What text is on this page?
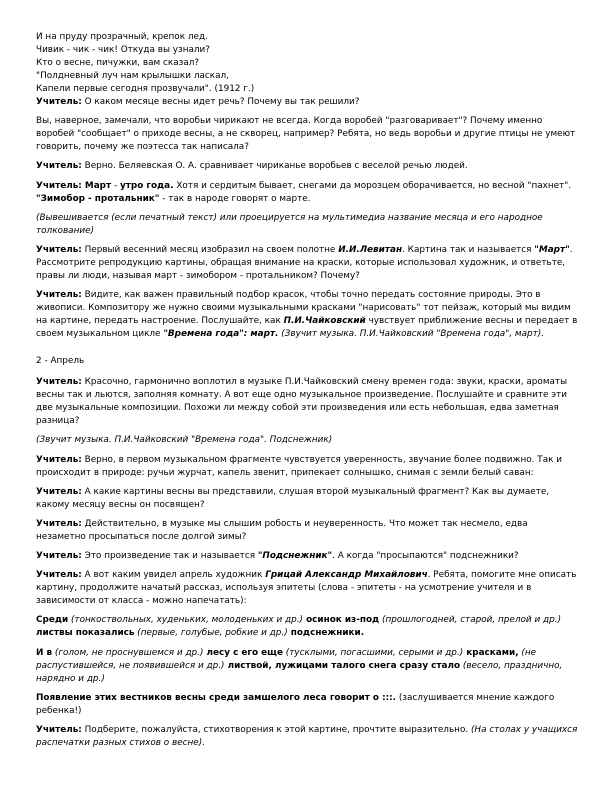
И на пруду прозрачный, крепок лед.
Чивик - чик - чик! Откуда вы узнали?
Кто о весне, пичужки, вам сказал?
"Полдневный луч нам крылышки ласкал,
Капели первые сегодня прозвучали". (1912 г.)
Учитель: О каком месяце весны идет речь? Почему вы так решили?
Вы, наверное, замечали, что воробьи чирикают не всегда. Когда воробей "разговаривает"? Почему именно воробей "сообщает" о приходе весны, а не скворец, например? Ребята, но ведь воробьи и другие птицы не умеют говорить, почему же поэтесса так написала?
Учитель: Верно. Беляевская О. А. сравнивает чириканье воробьев с веселой речью людей.
Учитель: Март - утро года. Хотя и сердитым бывает, снегами да морозцем оборачивается, но весной "пахнет". "Зимобор - протальник" - так в народе говорят о марте.
(Вывешивается (если печатный текст) или проецируется на мультимедиа название месяца и его народное толкование)
Учитель: Первый весенний месяц изобразил на своем полотне И.И.Левитан. Картина так и называется "Март". Рассмотрите репродукцию картины, обращая внимание на краски, которые использовал художник, и ответьте, правы ли люди, называя март - зимобором - протальником? Почему?
Учитель: Видите, как важен правильный подбор красок, чтобы точно передать состояние природы. Это в живописи. Композитору же нужно своими музыкальными красками "нарисовать" тот пейзаж, который мы видим на картине, передать настроение. Послушайте, как П.И.Чайковский чувствует приближение весны и передает в своем музыкальном цикле "Времена года": март. (Звучит музыка. П.И.Чайковский "Времена года", март).
2 - Апрель
Учитель: Красочно, гармонично воплотил в музыке П.И.Чайковский смену времен года: звуки, краски, ароматы весны так и льются, заполняя комнату. А вот еще одно музыкальное произведение. Послушайте и сравните эти две музыкальные композиции. Похожи ли между собой эти произведения или есть небольшая, едва заметная разница?
(Звучит музыка. П.И.Чайковский "Времена года". Подснежник)
Учитель: Верно, в первом музыкальном фрагменте чувствуется уверенность, звучание более подвижно. Так и происходит в природе: ручьи журчат, капель звенит, припекает солнышко, снимая с земли белый саван:
Учитель: А какие картины весны вы представили, слушая второй музыкальный фрагмент? Как вы думаете, какому месяцу весны он посвящен?
Учитель: Действительно, в музыке мы слышим робость и неуверенность. Что может так несмело, едва незаметно просыпаться после долгой зимы?
Учитель: Это произведение так и называется "Подснежник". А когда "просыпаются" подснежники?
Учитель: А вот каким увидел апрель художник Грицай Александр Михайлович. Ребята, помогите мне описать картину, продолжите начатый рассказ, используя эпитеты (слова - эпитеты - на усмотрение учителя и в зависимости от класса - можно напечатать):
Среди (тонкоствольных, худеньких, молоденьких и др.) осинок из-под (прошлогодней, старой, прелой и др.) листвы показались (первые, голубые, робкие и др.) подснежники.
И в (голом, не проснувшемся и др.) лесу с его еще (тусклыми, погасшими, серыми и др.) красками, (не распустившейся, не появившейся и др.) листвой, лужицами талого снега сразу стало (весело, празднично, нарядно и др.)
Появление этих вестников весны среди замшелого леса говорит о :::. (заслушивается мнение каждого ребенка!)
Учитель: Подберите, пожалуйста, стихотворения к этой картине, прочтите выразительно. (На столах у учащихся распечатки разных стихов о весне).
